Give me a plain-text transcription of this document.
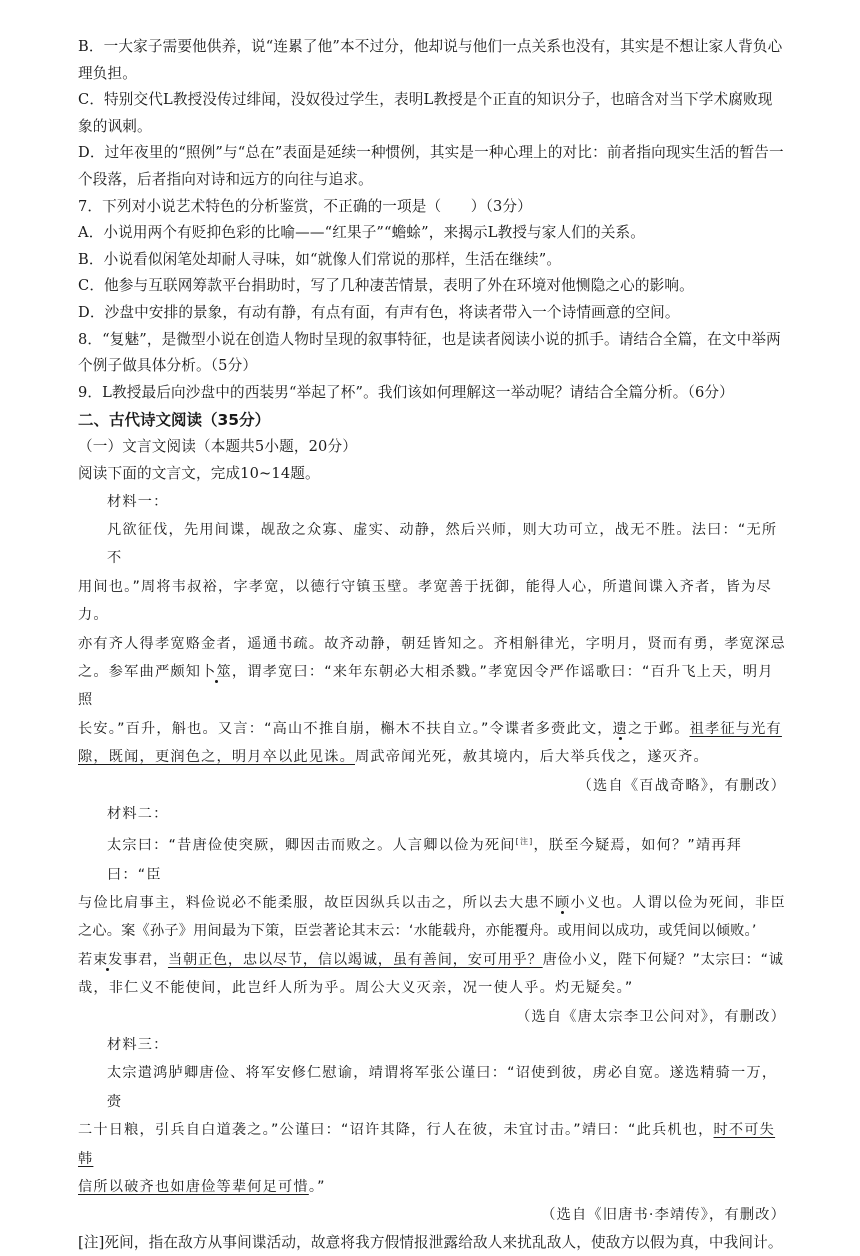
B．一大家子需要他供养，说“连累了他”本不过分，他却说与他们一点关系也没有，其实是不想让家人背负心理负担。
C．特别交代L教授没传过绯闻，没奴役过学生，表明L教授是个正直的知识分子，也暗含对当下学术腐败现象的讽刺。
D．过年夜里的“照例”与“总在”表面是延续一种惯例，其实是一种心理上的对比：前者指向现实生活的暂告一个段落，后者指向对诗和远方的向往与追求。
7．下列对小说艺术特色的分析鉴赏，不正确的一项是（　　）（3分）
A．小说用两个有贬抑色彩的比喻——“红果子”“蟾蜍”，来揭示L教授与家人们的关系。
B．小说看似闲笔处却耐人寻味，如“就像人们常说的那样，生活在继续”。
C．他参与互联网筹款平台捐助时，写了几种凄苦情景，表明了外在环境对他恻隐之心的影响。
D．沙盘中安排的景象，有动有静，有点有面，有声有色，将读者带入一个诗情画意的空间。
8．“复魅”，是微型小说在创造人物时呈现的叙事特征，也是读者阅读小说的抓手。请结合全篇，在文中举两个例子做具体分析。（5分）
9．L教授最后向沙盘中的西装男“举起了杯”。我们该如何理解这一举动呢？请结合全篇分析。（6分）
二、古代诗文阅读（35分）
（一）文言文阅读（本题共5小题，20分）
阅读下面的文言文，完成10~14题。
材料一：
凡欲征伐，先用间谍，觇敌之众寡、虚实、动静，然后兴师，则大功可立，战无不胜。法曰：“无所不
用间也。”周将韦叔裕，字孝宽，以德行守镇玉壁。孝宽善于抚御，能得人心，所遣间谍入齐者，皆为尽力。
亦有齐人得孝宽赂金者，遥通书疏。故齐动静，朝廷皆知之。齐相斛律光，字明月，贤而有勇，孝宽深忌
之。参军曲严颇知卜筮，谓孝宽曰：“来年东朝必大相杀戮。”孝宽因令严作谣歌曰：“百升飞上天，明月照
长安。”百升，斛也。又言：“高山不推自崩，槲木不扶自立。”令谍者多赍此文，遗之于邺。祖孝征与光有
隙，既闻，更润色之，明月卒以此见诛。周武帝闻光死，赦其境内，后大举兵伐之，遂灭齐。
（选自《百战奇略》，有删改）
材料二：
太宗曰：“昔唐俭使突厥，卿因击而败之。人言卿以俭为死间[注]，朕至今疑焉，如何？”靖再拜曰：“臣
与俭比肩事主，料俭说必不能柔服，故臣因纵兵以击之，所以去大患不顾小义也。人谓以俭为死间，非臣
之心。案《孙子》用间最为下策，臣尝著论其末云：‘水能载舟，亦能覆舟。或用间以成功，或凭间以倾败。’
若束发事君，当朝正色，忠以尽节，信以竭诚，虽有善间，安可用乎？唐俭小义，陛下何疑？”太宗曰：“诚
哉，非仁义不能使间，此岂纤人所为乎。周公大义灭亲，况一使人乎。灼无疑矣。”
（选自《唐太宗李卫公问对》，有删改）
材料三：
太宗遣鸿胪卿唐俭、将军安修仁慰谕，靖谓将军张公谨曰：“诏使到彼，虏必自宽。遂选精骑一万，赍
二十日粮，引兵自白道袭之。”公谨曰：“诏许其降，行人在彼，未宜讨击。”靖曰：“此兵机也，时不可失韩
信所以破齐也如唐俭等辈何足可惜。”
（选自《旧唐书·李靖传》，有删改）
[注]死间，指在敌方从事间谍活动，故意将我方假情报泄露给敌人来扰乱敌人，使敌方以假为真，中我间计。
